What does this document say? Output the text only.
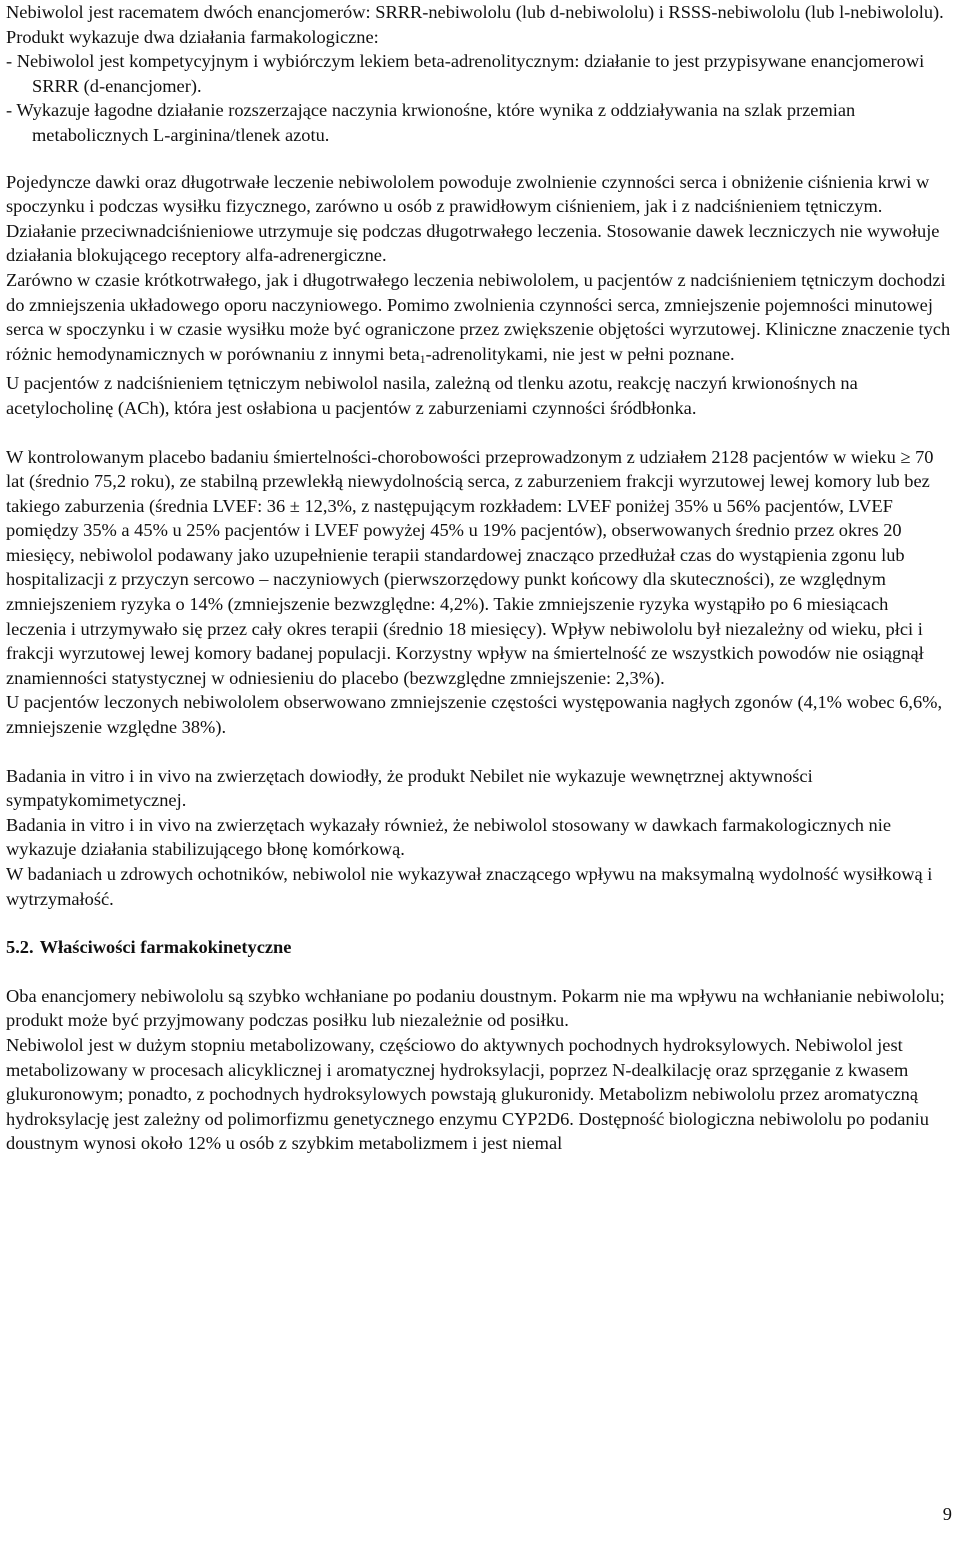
Nebiwolol jest racematem dwóch enancjomerów: SRRR-nebiwololu (lub d-nebiwololu) i RSSS-nebiwololu (lub l-nebiwololu). Produkt wykazuje dwa działania farmakologiczne:

- Nebiwolol jest kompetycyjnym i wybiórczym lekiem beta-adrenolitycznym: działanie to jest przypisywane enancjomerowi SRRR (d-enancjomer).

- Wykazuje łagodne działanie rozszerzające naczynia krwionośne, które wynika z oddziaływania na szlak przemian metabolicznych L-arginina/tlenek azotu.

Pojedyncze dawki oraz długotrwałe leczenie nebiwololem powoduje zwolnienie czynności serca i obniżenie ciśnienia krwi w spoczynku i podczas wysiłku fizycznego, zarówno u osób z prawidłowym ciśnieniem, jak i z nadciśnieniem tętniczym. Działanie przeciwnadciśnieniowe utrzymuje się podczas długotrwałego leczenia. Stosowanie dawek leczniczych nie wywołuje działania blokującego receptory alfa-adrenergiczne.

Zarówno w czasie krótkotrwałego, jak i długotrwałego leczenia nebiwololem, u pacjentów z nadciśnieniem tętniczym dochodzi do zmniejszenia układowego oporu naczyniowego. Pomimo zwolnienia czynności serca, zmniejszenie pojemności minutowej serca w spoczynku i w czasie wysiłku może być ograniczone przez zwiększenie objętości wyrzutowej. Kliniczne znaczenie tych różnic hemodynamicznych w porównaniu z innymi beta$_1$-adrenolitykami, nie jest w pełni poznane.

U pacjentów z nadciśnieniem tętniczym nebiwolol nasila, zależną od tlenku azotu, reakcję naczyń krwionośnych na acetylocholinę (ACh), która jest osłabiona u pacjentów z zaburzeniami czynności śródbłonka.

W kontrolowanym placebo badaniu śmiertelności-chorobowości przeprowadzonym z udziałem 2128 pacjentów w wieku ≥ 70 lat (średnio 75,2 roku), ze stabilną przewlekłą niewydolnością serca, z zaburzeniem frakcji wyrzutowej lewej komory lub bez takiego zaburzenia (średnia LVEF: 36 ± 12,3%, z następującym rozkładem: LVEF poniżej 35% u 56% pacjentów, LVEF pomiędzy 35% a 45% u 25% pacjentów i LVEF powyżej 45% u 19% pacjentów), obserwowanych średnio przez okres 20 miesięcy, nebiwolol podawany jako uzupełnienie terapii standardowej znacząco przedłużał czas do wystąpienia zgonu lub hospitalizacji z przyczyn sercowo – naczyniowych (pierwszorzędowy punkt końcowy dla skuteczności), ze względnym zmniejszeniem ryzyka o 14% (zmniejszenie bezwzględne: 4,2%). Takie zmniejszenie ryzyka wystąpiło po 6 miesiącach leczenia i utrzymywało się przez cały okres terapii (średnio 18 miesięcy). Wpływ nebiwololu był niezależny od wieku, płci i frakcji wyrzutowej lewej komory badanej populacji. Korzystny wpływ na śmiertelność ze wszystkich powodów nie osiągnął znamienności statystycznej w odniesieniu do placebo (bezwzględne zmniejszenie: 2,3%).

U pacjentów leczonych nebiwololem obserwowano zmniejszenie częstości występowania nagłych zgonów (4,1% wobec 6,6%, zmniejszenie względne 38%).

Badania in vitro i in vivo na zwierzętach dowiodły, że produkt Nebilet nie wykazuje wewnętrznej aktywności sympatykomimetycznej.

Badania in vitro i in vivo na zwierzętach wykazały również, że nebiwolol stosowany w dawkach farmakologicznych nie wykazuje działania stabilizującego błonę komórkową.

W badaniach u zdrowych ochotników, nebiwolol nie wykazywał znaczącego wpływu na maksymalną wydolność wysiłkową i wytrzymałość.

5.2. Właściwości farmakokinetyczne

Oba enancjomery nebiwololu są szybko wchłaniane po podaniu doustnym. Pokarm nie ma wpływu na wchłanianie nebiwololu; produkt może być przyjmowany podczas posiłku lub niezależnie od posiłku.

Nebiwolol jest w dużym stopniu metabolizowany, częściowo do aktywnych pochodnych hydroksylowych. Nebiwolol jest metabolizowany w procesach alicyklicznej i aromatycznej hydroksylacji, poprzez N-dealkilację oraz sprzęganie z kwasem glukuronowym; ponadto, z pochodnych hydroksylowych powstają glukuronidy. Metabolizm nebiwololu przez aromatyczną hydroksylację jest zależny od polimorfizmu genetycznego enzymu CYP2D6. Dostępność biologiczna nebiwololu po podaniu doustnym wynosi około 12% u osób z szybkim metabolizmem i jest niemal

9
